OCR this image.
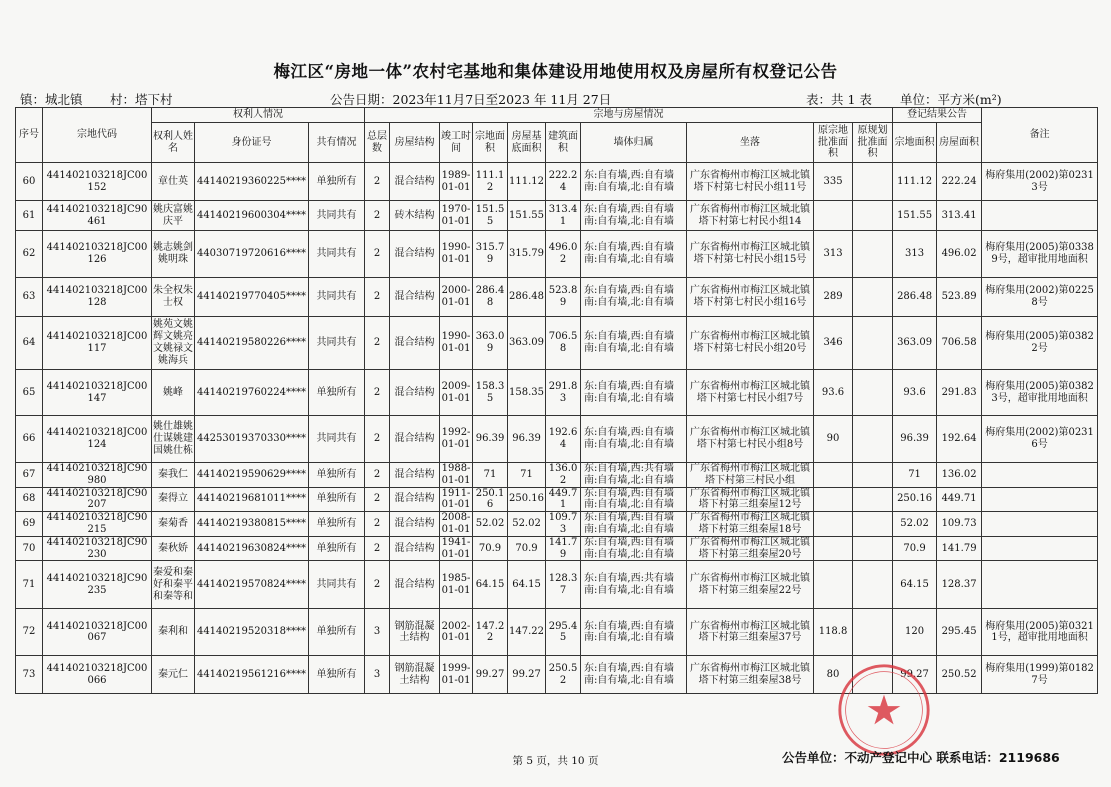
梅江区“房地一体”农村宅基地和集体建设用地使用权及房屋所有权登记公告
镇：城北镇 村：塔下村	公告日期：2023年11月7日至2023 年 11月 27日	表：共 1 表 单位：平方米(m²)
序号	宗地代码	权利人情况			宗地与房屋情况										登记结果公告		备注
		权利人姓名	身份证号	共有情况	总层数	房屋结构	竣工时间	宗地面积	房屋基底面积	建筑面积	墙体归属	坐落	原宗地批准面积	原规划批准面积	宗地面积	房屋面积	
60	441402103218JC00152	章仕英	44140219360225****	单独所有	2	混合结构	1989-01-01	111.12	111.12	222.24	东:自有墙,西:自有墙南:自有墙,北:自有墙	广东省梅州市梅江区城北镇塔下村第七村民小组11号	335		111.12	222.24	梅府集用(2002)第02313号
61	441402103218JC90461	姚庆富姚庆平	44140219600304****	共同共有	2	砖木结构	1970-01-01	151.55	151.55	313.41	东:自有墙,西:自有墙南:自有墙,北:自有墙	广东省梅州市梅江区城北镇塔下村第七村民小组14			151.55	313.41	
62	441402103218JC00126	姚志姚剑姚明珠	44030719720616****	共同共有	2	混合结构	1990-01-01	315.79	315.79	496.02	东:自有墙,西:自有墙南:自有墙,北:自有墙	广东省梅州市梅江区城北镇塔下村第七村民小组15号	313		313	496.02	梅府集用(2005)第03389号，超审批用地面积
63	441402103218JC00128	朱全权朱士权	44140219770405****	共同共有	2	混合结构	2000-01-01	286.48	286.48	523.89	东:自有墙,西:自有墙南:自有墙,北:自有墙	广东省梅州市梅江区城北镇塔下村第七村民小组16号	289		286.48	523.89	梅府集用(2002)第02258号
64	441402103218JC00117	姚苑文姚辉文姚亮文姚禄文姚海兵	44140219580226****	共同共有	2	混合结构	1990-01-01	363.09	363.09	706.58	东:自有墙,西:自有墙南:自有墙,北:自有墙	广东省梅州市梅江区城北镇塔下村第七村民小组20号	346		363.09	706.58	梅府集用(2005)第03822号
65	441402103218JC00147	姚峰	44140219760224****	单独所有	2	混合结构	2009-01-01	158.35	158.35	291.83	东:自有墙,西:自有墙南:自有墙,北:自有墙	广东省梅州市梅江区城北镇塔下村第七村民小组7号	93.6		93.6	291.83	梅府集用(2005)第03823号，超审批用地面积
66	441402103218JC00124	姚仕雄姚仕谋姚建国姚仕栋	44253019370330****	共同共有	2	混合结构	1992-01-01	96.39	96.39	192.64	东:自有墙,西:自有墙南:自有墙,北:自有墙	广东省梅州市梅江区城北镇塔下村第七村民小组8号	90		96.39	192.64	梅府集用(2002)第02316号
67	441402103218JC90980	秦我仁	44140219590629****	单独所有	2	混合结构	1988-01-01	71	71	136.02	东:自有墙,西:共有墙南:自有墙,北:自有墙	广东省梅州市梅江区城北镇塔下村第三村民小组			71	136.02	
68	441402103218JC90207	秦得立	44140219681011****	单独所有	2	混合结构	1911-01-01	250.16	250.16	449.71	东:自有墙,西:自有墙南:自有墙,北:自有墙	广东省梅州市梅江区城北镇塔下村第三组秦屋12号			250.16	449.71	
69	441402103218JC90215	秦菊香	44140219380815****	单独所有	2	混合结构	2008-01-01	52.02	52.02	109.73	东:自有墙,西:自有墙南:自有墙,北:自有墙	广东省梅州市梅江区城北镇塔下村第三组秦屋18号			52.02	109.73	
70	441402103218JC90230	秦秋娇	44140219630824****	单独所有	2	混合结构	1941-01-01	70.9	70.9	141.79	东:自有墙,西:自有墙南:自有墙,北:自有墙	广东省梅州市梅江区城北镇塔下村第三组秦屋20号			70.9	141.79	
71	441402103218JC90235	秦爱和秦好和秦平和秦等和	44140219570824****	共同共有	2	混合结构	1985-01-01	64.15	64.15	128.37	东:自有墙,西:共有墙南:自有墙,北:自有墙	广东省梅州市梅江区城北镇塔下村第三组秦屋22号			64.15	128.37	
72	441402103218JC00067	秦利和	44140219520318****	单独所有	3	钢筋混凝土结构	2002-01-01	147.22	147.22	295.45	东:自有墙,西:自有墙南:自有墙,北:自有墙	广东省梅州市梅江区城北镇塔下村第三组秦屋37号	118.8		120	295.45	梅府集用(2005)第03211号，超审批用地面积
73	441402103218JC00066	秦元仁	44140219561216****	单独所有	3	钢筋混凝土结构	1999-01-01	99.27	99.27	250.52	东:自有墙,西:自有墙南:自有墙,北:自有墙	广东省梅州市梅江区城北镇塔下村第三组秦屋38号	80		99.27	250.52	梅府集用(1999)第01827号
第 5 页，共 10 页	公告单位：不动产登记中心 联系电话：2119686
